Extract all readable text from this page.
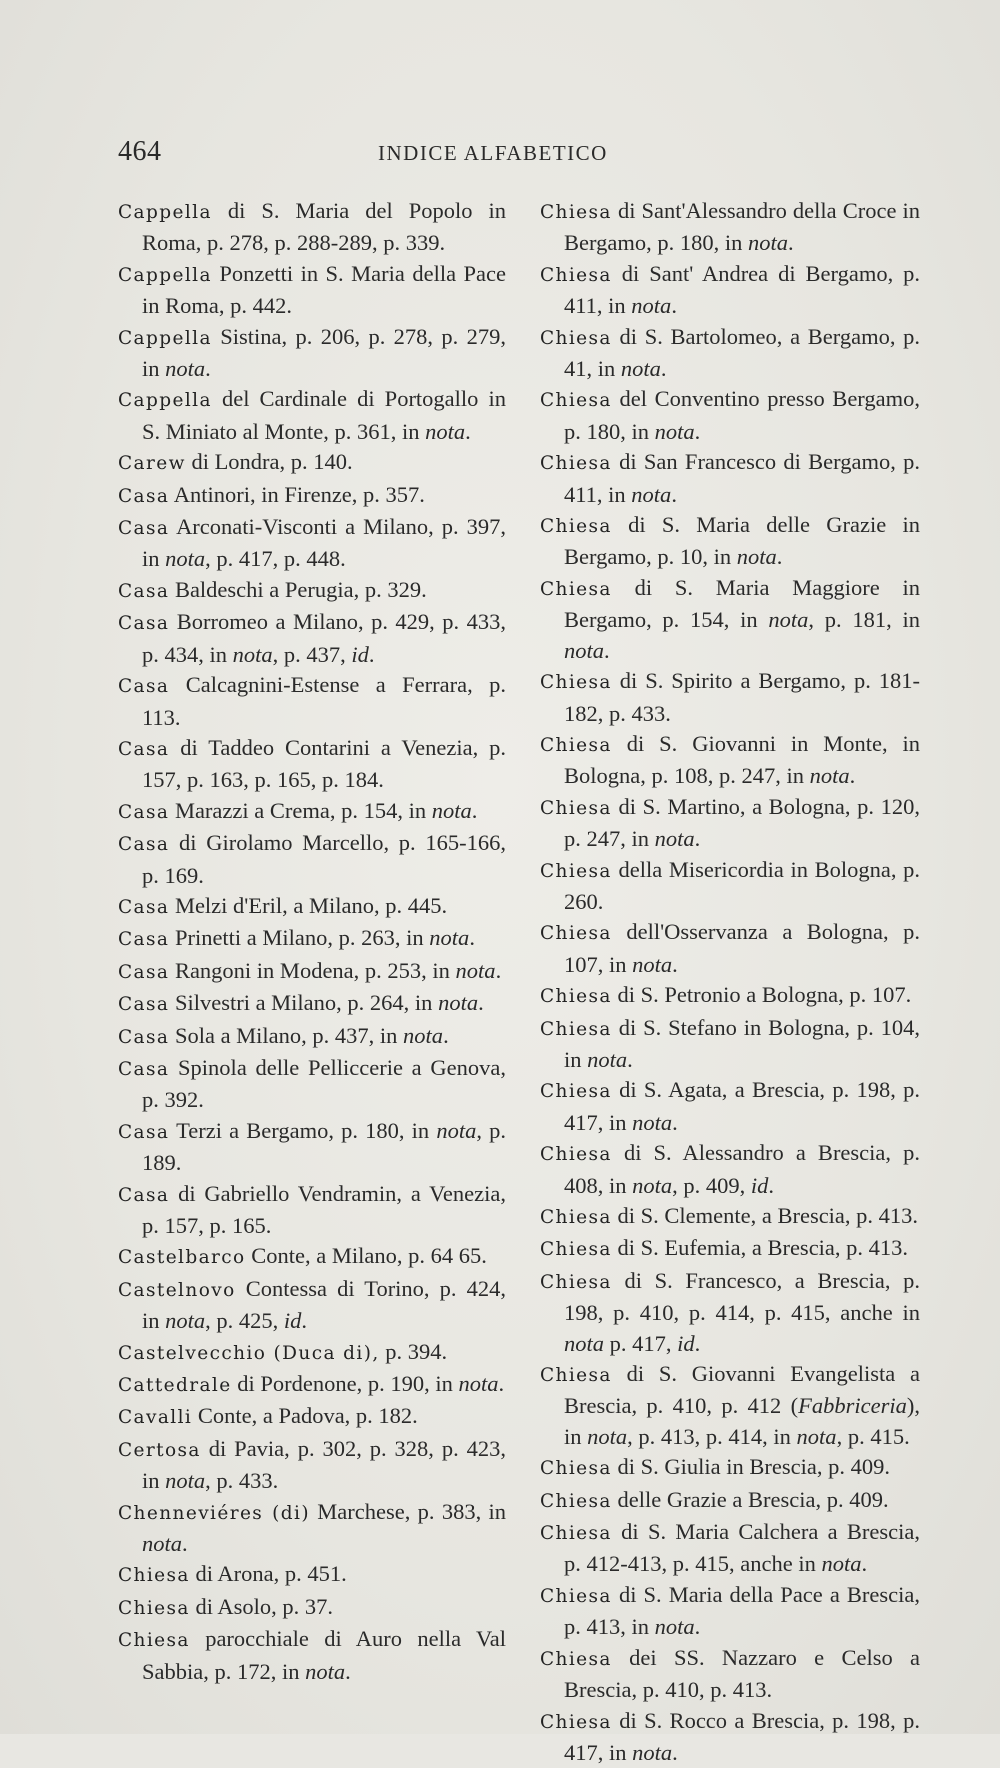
464	INDICE ALFABETICO

Cappella di S. Maria del Popolo in Roma, p. 278, p. 288-289, p. 339.

Cappella Ponzetti in S. Maria della Pace in Roma, p. 442.

Cappella Sistina, p. 206, p. 278, p. 279, in nota.

Cappella del Cardinale di Portogallo in S. Miniato al Monte, p. 361, in nota.

Carew di Londra, p. 140.

Casa Antinori, in Firenze, p. 357.

Casa Arconati-Visconti a Milano, p. 397, in nota, p. 417, p. 448.

Casa Baldeschi a Perugia, p. 329.

Casa Borromeo a Milano, p. 429, p. 433, p. 434, in nota, p. 437, id.

Casa Calcagnini-Estense a Ferrara, p. 113.

Casa di Taddeo Contarini a Venezia, p. 157, p. 163, p. 165, p. 184.

Casa Marazzi a Crema, p. 154, in nota.

Casa di Girolamo Marcello, p. 165-166, p. 169.

Casa Melzi d'Eril, a Milano, p. 445.

Casa Prinetti a Milano, p. 263, in nota.

Casa Rangoni in Modena, p. 253, in nota.

Casa Silvestri a Milano, p. 264, in nota.

Casa Sola a Milano, p. 437, in nota.

Casa Spinola delle Pelliccerie a Genova, p. 392.

Casa Terzi a Bergamo, p. 180, in nota, p. 189.

Casa di Gabriello Vendramin, a Venezia, p. 157, p. 165.

Castelbarco Conte, a Milano, p. 64 65.

Castelnovo Contessa di Torino, p. 424, in nota, p. 425, id.

Castelvecchio (Duca di), p. 394.

Cattedrale di Pordenone, p. 190, in nota.

Cavalli Conte, a Padova, p. 182.

Certosa di Pavia, p. 302, p. 328, p. 423, in nota, p. 433.

Chenneviéres (di) Marchese, p. 383, in nota.

Chiesa di Arona, p. 451.

Chiesa di Asolo, p. 37.

Chiesa parocchiale di Auro nella Val Sabbia, p. 172, in nota.

Chiesa di Sant'Alessandro della Croce in Bergamo, p. 180, in nota.

Chiesa di Sant' Andrea di Bergamo, p. 411, in nota.

Chiesa di S. Bartolomeo, a Bergamo, p. 41, in nota.

Chiesa del Conventino presso Bergamo, p. 180, in nota.

Chiesa di San Francesco di Bergamo, p. 411, in nota.

Chiesa di S. Maria delle Grazie in Bergamo, p. 10, in nota.

Chiesa di S. Maria Maggiore in Bergamo, p. 154, in nota, p. 181, in nota.

Chiesa di S. Spirito a Bergamo, p. 181-182, p. 433.

Chiesa di S. Giovanni in Monte, in Bologna, p. 108, p. 247, in nota.

Chiesa di S. Martino, a Bologna, p. 120, p. 247, in nota.

Chiesa della Misericordia in Bologna, p. 260.

Chiesa dell'Osservanza a Bologna, p. 107, in nota.

Chiesa di S. Petronio a Bologna, p. 107.

Chiesa di S. Stefano in Bologna, p. 104, in nota.

Chiesa di S. Agata, a Brescia, p. 198, p. 417, in nota.

Chiesa di S. Alessandro a Brescia, p. 408, in nota, p. 409, id.

Chiesa di S. Clemente, a Brescia, p. 413.

Chiesa di S. Eufemia, a Brescia, p. 413.

Chiesa di S. Francesco, a Brescia, p. 198, p. 410, p. 414, p. 415, anche in nota p. 417, id.

Chiesa di S. Giovanni Evangelista a Brescia, p. 410, p. 412 (Fabbriceria), in nota, p. 413, p. 414, in nota, p. 415.

Chiesa di S. Giulia in Brescia, p. 409.

Chiesa delle Grazie a Brescia, p. 409.

Chiesa di S. Maria Calchera a Brescia, p. 412-413, p. 415, anche in nota.

Chiesa di S. Maria della Pace a Brescia, p. 413, in nota.

Chiesa dei SS. Nazzaro e Celso a Brescia, p. 410, p. 413.

Chiesa di S. Rocco a Brescia, p. 198, p. 417, in nota.
